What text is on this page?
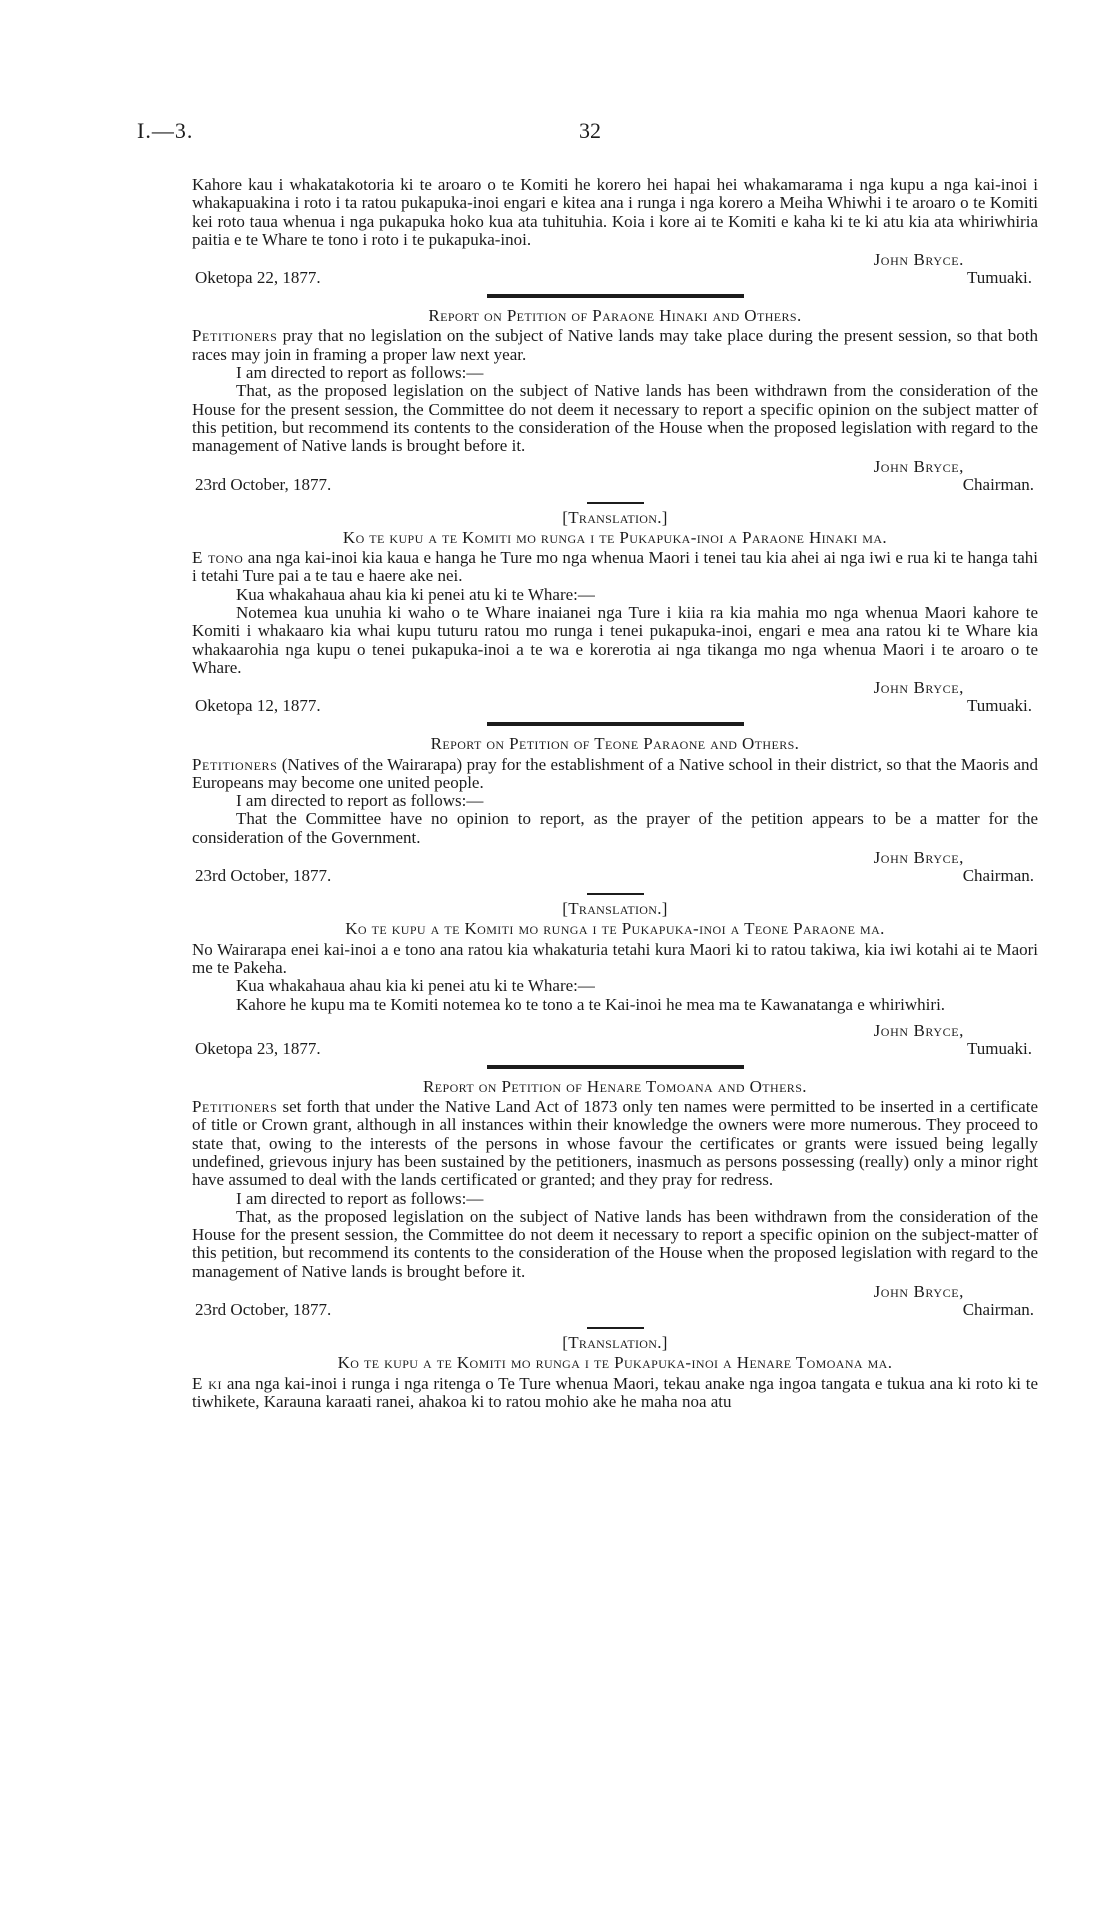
I.—3.	32

Kahore kau i whakatakotoria ki te aroaro o te Komiti he korero hei hapai hei whakamarama i nga kupu a nga kai-inoi i whakapuakina i roto i ta ratou pukapuka-inoi engari e kitea ana i runga i nga korero a Meiha Whiwhi i te aroaro o te Komiti kei roto taua whenua i nga pukapuka hoko kua ata tuhituhia. Koia i kore ai te Komiti e kaha ki te ki atu kia ata whiriwhiria paitia e te Whare te tono i roto i te pukapuka-inoi.

John Bryce.
Oketopa 22, 1877.	Tumuaki.
Report on Petition of Paraone Hinaki and Others.

Petitioners pray that no legislation on the subject of Native lands may take place during the present session, so that both races may join in framing a proper law next year.

I am directed to report as follows:—

That, as the proposed legislation on the subject of Native lands has been withdrawn from the consideration of the House for the present session, the Committee do not deem it necessary to report a specific opinion on the subject matter of this petition, but recommend its contents to the consideration of the House when the proposed legislation with regard to the management of Native lands is brought before it.

John Bryce,
23rd October, 1877.	Chairman.
[Translation.]
Ko te kupu a te Komiti mo runga i te Pukapuka-inoi a Paraone Hinaki ma.

E tono ana nga kai-inoi kia kaua e hanga he Ture mo nga whenua Maori i tenei tau kia ahei ai nga iwi e rua ki te hanga tahi i tetahi Ture pai a te tau e haere ake nei.

Kua whakahaua ahau kia ki penei atu ki te Whare:—

Notemea kua unuhia ki waho o te Whare inaianei nga Ture i kiia ra kia mahia mo nga whenua Maori kahore te Komiti i whakaaro kia whai kupu tuturu ratou mo runga i tenei pukapuka-inoi, engari e mea ana ratou ki te Whare kia whakaarohia nga kupu o tenei pukapuka-inoi a te wa e korerotia ai nga tikanga mo nga whenua Maori i te aroaro o te Whare.

John Bryce,
Oketopa 12, 1877.	Tumuaki.
Report on Petition of Teone Paraone and Others.

Petitioners (Natives of the Wairarapa) pray for the establishment of a Native school in their district, so that the Maoris and Europeans may become one united people.

I am directed to report as follows:—

That the Committee have no opinion to report, as the prayer of the petition appears to be a matter for the consideration of the Government.

John Bryce,
23rd October, 1877.	Chairman.
[Translation.]
Ko te kupu a te Komiti mo runga i te Pukapuka-inoi a Teone Paraone ma.

No Wairarapa enei kai-inoi a e tono ana ratou kia whakaturia tetahi kura Maori ki to ratou takiwa, kia iwi kotahi ai te Maori me te Pakeha.

Kua whakahaua ahau kia ki penei atu ki te Whare:—

Kahore he kupu ma te Komiti notemea ko te tono a te Kai-inoi he mea ma te Kawanatanga e whiriwhiri.

John Bryce,
Oketopa 23, 1877.	Tumuaki.
Report on Petition of Henare Tomoana and Others.

Petitioners set forth that under the Native Land Act of 1873 only ten names were permitted to be inserted in a certificate of title or Crown grant, although in all instances within their knowledge the owners were more numerous. They proceed to state that, owing to the interests of the persons in whose favour the certificates or grants were issued being legally undefined, grievous injury has been sustained by the petitioners, inasmuch as persons possessing (really) only a minor right have assumed to deal with the lands certificated or granted; and they pray for redress.

I am directed to report as follows:—

That, as the proposed legislation on the subject of Native lands has been withdrawn from the consideration of the House for the present session, the Committee do not deem it necessary to report a specific opinion on the subject-matter of this petition, but recommend its contents to the consideration of the House when the proposed legislation with regard to the management of Native lands is brought before it.

John Bryce,
23rd October, 1877.	Chairman.
[Translation.]
Ko te kupu a te Komiti mo runga i te Pukapuka-inoi a Henare Tomoana ma.

E ki ana nga kai-inoi i runga i nga ritenga o Te Ture whenua Maori, tekau anake nga ingoa tangata e tukua ana ki roto ki te tiwhikete, Karauna karaati ranei, ahakoa ki to ratou mohio ake he maha noa atu
